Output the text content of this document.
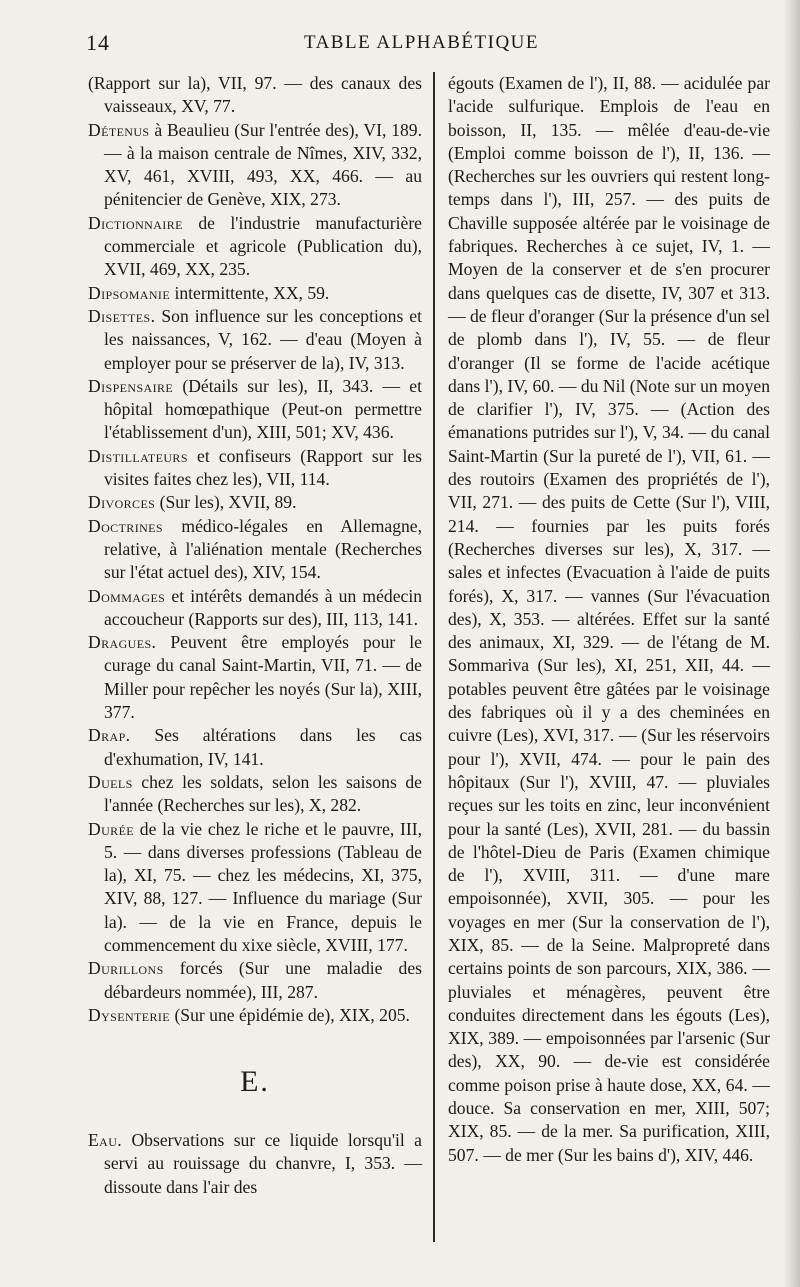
14	TABLE ALPHABÉTIQUE

(Rapport sur la), VII, 97. — des canaux des vaisseaux, XV, 77.

Détenus à Beaulieu (Sur l'entrée des), VI, 189. — à la maison centrale de Nîmes, XIV, 332, XV, 461, XVIII, 493, XX, 466. — au pénitencier de Genève, XIX, 273.

Dictionnaire de l'industrie manufacturière commerciale et agricole (Publication du), XVII, 469, XX, 235.

Dipsomanie intermittente, XX, 59.

Disettes. Son influence sur les conceptions et les naissances, V, 162. — d'eau (Moyen à employer pour se préserver de la), IV, 313.

Dispensaire (Détails sur les), II, 343. — et hôpital homœpathique (Peut-on permettre l'établissement d'un), XIII, 501; XV, 436.

Distillateurs et confiseurs (Rapport sur les visites faites chez les), VII, 114.

Divorces (Sur les), XVII, 89.

Doctrines médico-légales en Allemagne, relative, à l'aliénation mentale (Recherches sur l'état actuel des), XIV, 154.

Dommages et intérêts demandés à un médecin accoucheur (Rapports sur des), III, 113, 141.

Dragues. Peuvent être employés pour le curage du canal Saint-Martin, VII, 71. — de Miller pour repêcher les noyés (Sur la), XIII, 377.

Drap. Ses altérations dans les cas d'exhumation, IV, 141.

Duels chez les soldats, selon les saisons de l'année (Recherches sur les), X, 282.

Durée de la vie chez le riche et le pauvre, III, 5. — dans diverses professions (Tableau de la), XI, 75. — chez les médecins, XI, 375, XIV, 88, 127. — Influence du mariage (Sur la). — de la vie en France, depuis le commencement du xixe siècle, XVIII, 177.

Durillons forcés (Sur une maladie des débardeurs nommée), III, 287.

Dysenterie (Sur une épidémie de), XIX, 205.

E.

Eau. Observations sur ce liquide lorsqu'il a servi au rouissage du chanvre, I, 353. — dissoute dans l'air des

égouts (Examen de l'), II, 88. — acidulée par l'acide sulfurique. Emplois de l'eau en boisson, II, 135. — mêlée d'eau-de-vie (Emploi comme boisson de l'), II, 136. — (Recherches sur les ouvriers qui restent long-temps dans l'), III, 257. — des puits de Chaville supposée altérée par le voisinage de fabriques. Recherches à ce sujet, IV, 1. — Moyen de la conserver et de s'en procurer dans quelques cas de disette, IV, 307 et 313. — de fleur d'oranger (Sur la présence d'un sel de plomb dans l'), IV, 55. — de fleur d'oranger (Il se forme de l'acide acétique dans l'), IV, 60. — du Nil (Note sur un moyen de clarifier l'), IV, 375. — (Action des émanations putrides sur l'), V, 34. — du canal Saint-Martin (Sur la pureté de l'), VII, 61. — des routoirs (Examen des propriétés de l'), VII, 271. — des puits de Cette (Sur l'), VIII, 214. — fournies par les puits forés (Recherches diverses sur les), X, 317. — sales et infectes (Evacuation à l'aide de puits forés), X, 317. — vannes (Sur l'évacuation des), X, 353. — altérées. Effet sur la santé des animaux, XI, 329. — de l'étang de M. Sommariva (Sur les), XI, 251, XII, 44. — potables peuvent être gâtées par le voisinage des fabriques où il y a des cheminées en cuivre (Les), XVI, 317. — (Sur les réservoirs pour l'), XVII, 474. — pour le pain des hôpitaux (Sur l'), XVIII, 47. — pluviales reçues sur les toits en zinc, leur inconvénient pour la santé (Les), XVII, 281. — du bassin de l'hôtel-Dieu de Paris (Examen chimique de l'), XVIII, 311. — d'une mare empoisonnée), XVII, 305. — pour les voyages en mer (Sur la conservation de l'), XIX, 85. — de la Seine. Malpropreté dans certains points de son parcours, XIX, 386. — pluviales et ménagères, peuvent être conduites directement dans les égouts (Les), XIX, 389. — empoisonnées par l'arsenic (Sur des), XX, 90. — de-vie est considérée comme poison prise à haute dose, XX, 64. — douce. Sa conservation en mer, XIII, 507; XIX, 85. — de la mer. Sa purification, XIII, 507. — de mer (Sur les bains d'), XIV, 446.
